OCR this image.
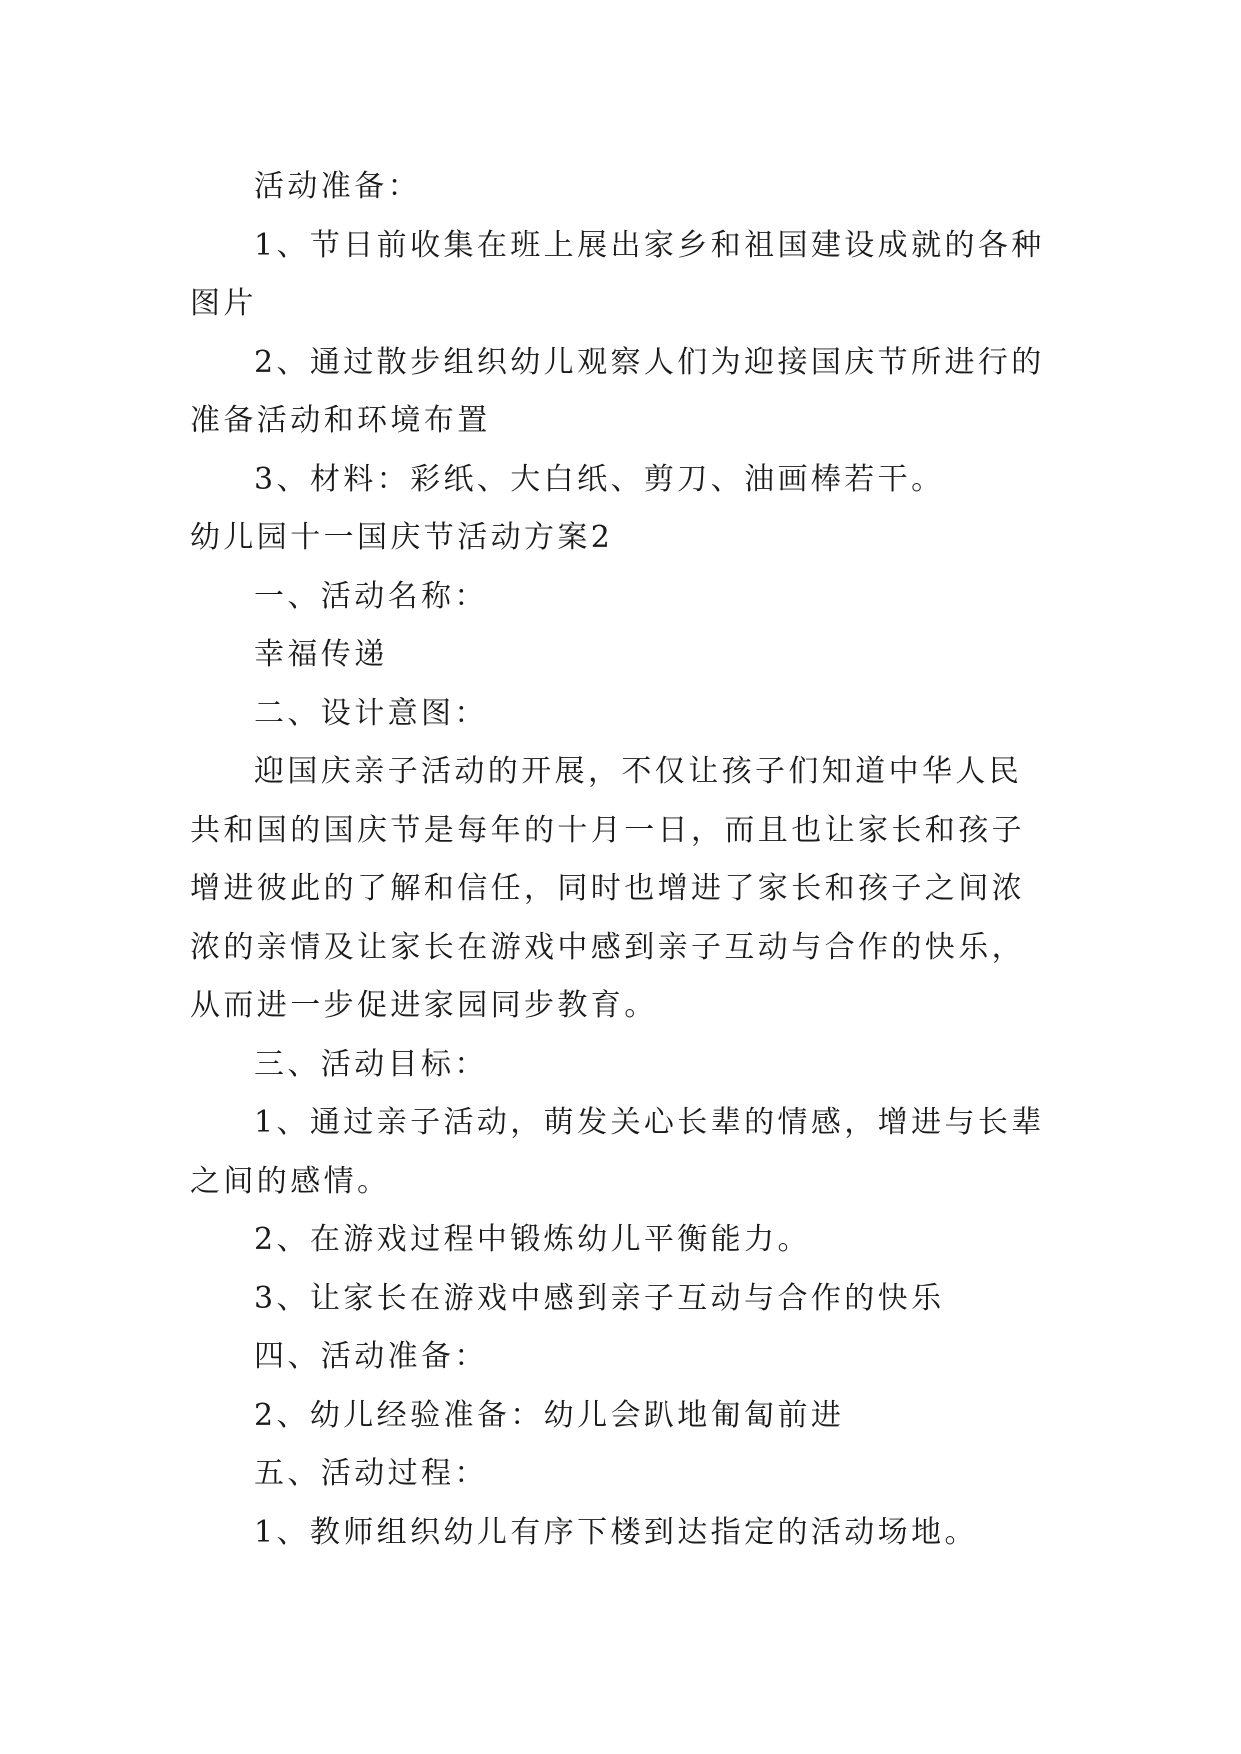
活动准备：

1、节日前收集在班上展出家乡和祖国建设成就的各种图片

2、通过散步组织幼儿观察人们为迎接国庆节所进行的准备活动和环境布置

3、材料：彩纸、大白纸、剪刀、油画棒若干。

幼儿园十一国庆节活动方案2

一、活动名称：

幸福传递

二、设计意图：

迎国庆亲子活动的开展，不仅让孩子们知道中华人民共和国的国庆节是每年的十月一日，而且也让家长和孩子增进彼此的了解和信任，同时也增进了家长和孩子之间浓浓的亲情及让家长在游戏中感到亲子互动与合作的快乐，从而进一步促进家园同步教育。

三、活动目标：

1、通过亲子活动，萌发关心长辈的情感，增进与长辈之间的感情。

2、在游戏过程中锻炼幼儿平衡能力。

3、让家长在游戏中感到亲子互动与合作的快乐

四、活动准备：

2、幼儿经验准备：幼儿会趴地匍匐前进

五、活动过程：

1、教师组织幼儿有序下楼到达指定的活动场地。
